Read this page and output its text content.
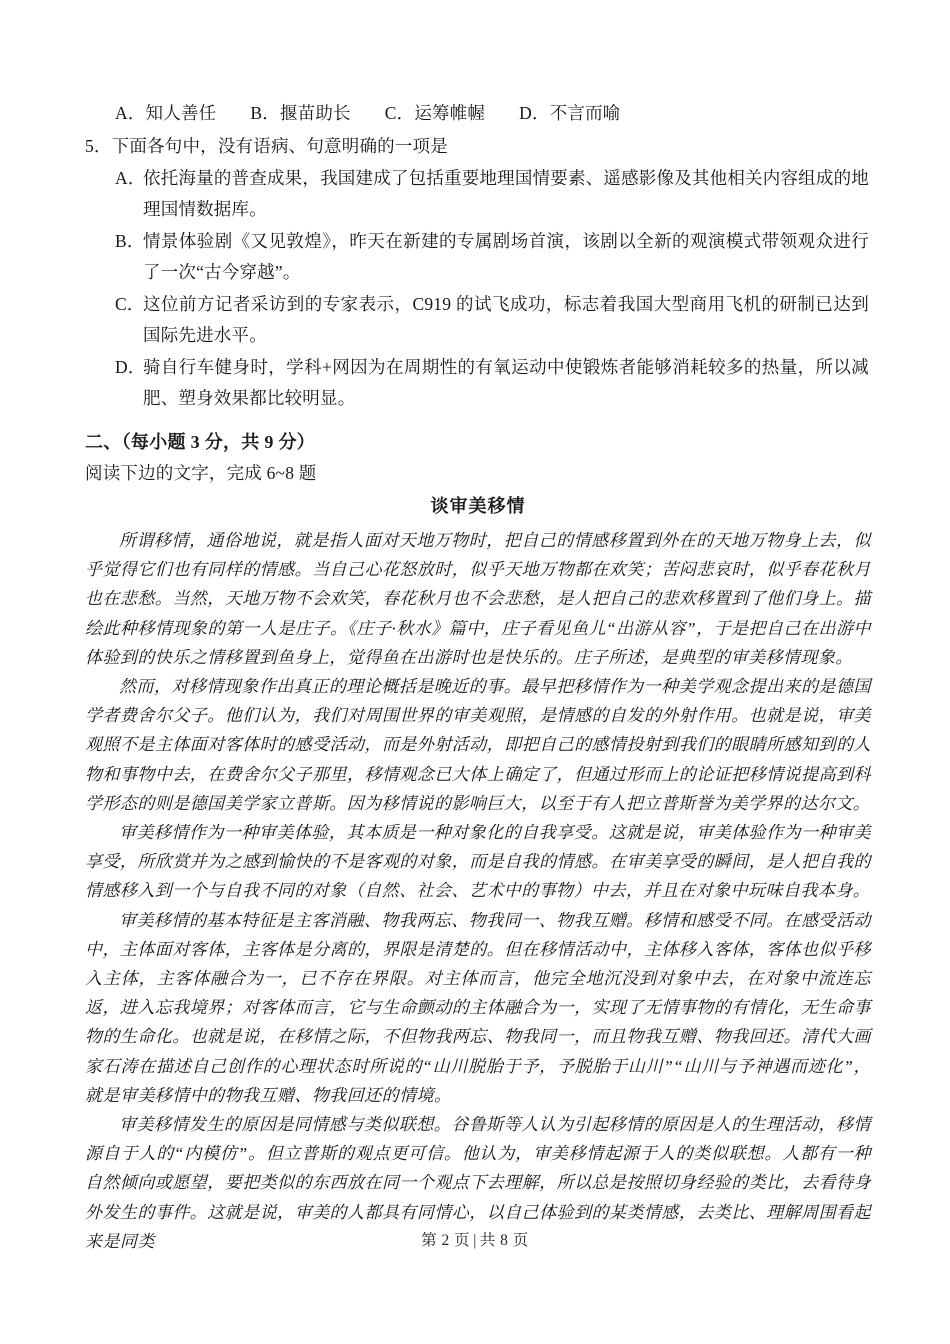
A．知人善任 B．揠苗助长 C．运筹帷幄 D．不言而喻
5．下面各句中，没有语病、句意明确的一项是
A．依托海量的普查成果，我国建成了包括重要地理国情要素、遥感影像及其他相关内容组成的地理国情数据库。
B．情景体验剧《又见敦煌》，昨天在新建的专属剧场首演，该剧以全新的观演模式带领观众进行了一次“古今穿越”。
C．这位前方记者采访到的专家表示，C919 的试飞成功，标志着我国大型商用飞机的研制已达到国际先进水平。
D．骑自行车健身时，学科+网因为在周期性的有氧运动中使锻炼者能够消耗较多的热量，所以减肥、塑身效果都比较明显。
二、（每小题 3 分，共 9 分）
阅读下边的文字，完成 6~8 题
谈审美移情

所谓移情，通俗地说，就是指人面对天地万物时，把自己的情感移置到外在的天地万物身上去，似乎觉得它们也有同样的情感。当自己心花怒放时，似乎天地万物都在欢笑；苦闷悲哀时，似乎春花秋月也在悲愁。当然，天地万物不会欢笑，春花秋月也不会悲愁，是人把自己的悲欢移置到了他们身上。描绘此种移情现象的第一人是庄子。《庄子·秋水》篇中，庄子看见鱼儿“出游从容”，于是把自己在出游中体验到的快乐之情移置到鱼身上，觉得鱼在出游时也是快乐的。庄子所述，是典型的审美移情现象。

然而，对移情现象作出真正的理论概括是晚近的事。最早把移情作为一种美学观念提出来的是德国学者费舍尔父子。他们认为，我们对周围世界的审美观照，是情感的自发的外射作用。也就是说，审美观照不是主体面对客体时的感受活动，而是外射活动，即把自己的感情投射到我们的眼睛所感知到的人物和事物中去，在费舍尔父子那里，移情观念已大体上确定了，但通过形而上的论证把移情说提高到科学形态的则是德国美学家立普斯。因为移情说的影响巨大，以至于有人把立普斯誉为美学界的达尔文。

审美移情作为一种审美体验，其本质是一种对象化的自我享受。这就是说，审美体验作为一种审美享受，所欣赏并为之感到愉快的不是客观的对象，而是自我的情感。在审美享受的瞬间，是人把自我的情感移入到一个与自我不同的对象（自然、社会、艺术中的事物）中去，并且在对象中玩味自我本身。

审美移情的基本特征是主客消融、物我两忘、物我同一、物我互赠。移情和感受不同。在感受活动中，主体面对客体，主客体是分离的，界限是清楚的。但在移情活动中，主体移入客体，客体也似乎移入主体，主客体融合为一，已不存在界限。对主体而言，他完全地沉没到对象中去，在对象中流连忘返，进入忘我境界；对客体而言，它与生命颤动的主体融合为一，实现了无情事物的有情化，无生命事物的生命化。也就是说，在移情之际，不但物我两忘、物我同一，而且物我互赠、物我回还。清代大画家石涛在描述自己创作的心理状态时所说的“山川脱胎于予，予脱胎于山川”“山川与予神遇而迹化”，就是审美移情中的物我互赠、物我回还的情境。

审美移情发生的原因是同情感与类似联想。谷鲁斯等人认为引起移情的原因是人的生理活动，移情源自于人的“内模仿”。但立普斯的观点更可信。他认为，审美移情起源于人的类似联想。人都有一种自然倾向或愿望，要把类似的东西放在同一个观点下去理解，所以总是按照切身经验的类比，去看待身外发生的事件。这就是说，审美的人都具有同情心，以自己体验到的某类情感，去类比、理解周围看起来是同类	第 2 页 | 共 8 页
